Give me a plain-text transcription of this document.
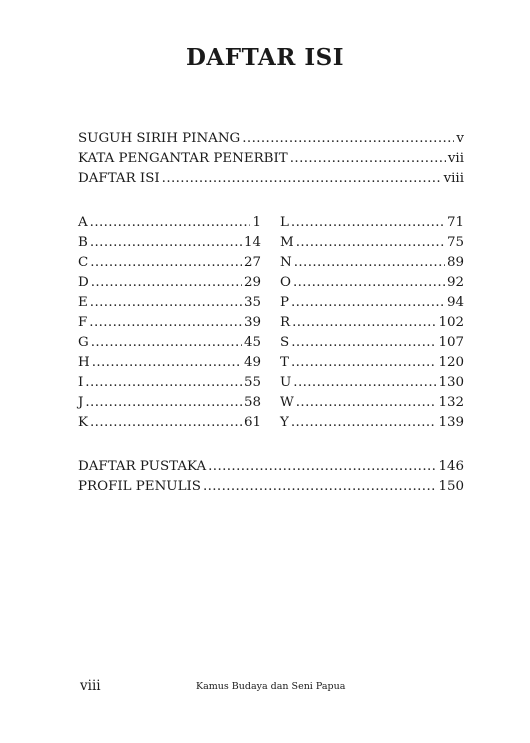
DAFTAR ISI
SUGUH SIRIH PINANG .....	v
KATA PENGANTAR PENERBIT .....	vii
DAFTAR ISI .....	viii
A .....	1
B .....	14
C .....	27
D .....	29
E .....	35
F .....	39
G .....	45
H .....	49
I .....	55
J .....	58
K .....	61
L .....	71
M .....	75
N .....	89
O .....	92
P .....	94
R .....	102
S .....	107
T .....	120
U .....	130
W .....	132
Y .....	139
DAFTAR PUSTAKA .....	146
PROFIL PENULIS .....	150
viii	Kamus Budaya dan Seni Papua
